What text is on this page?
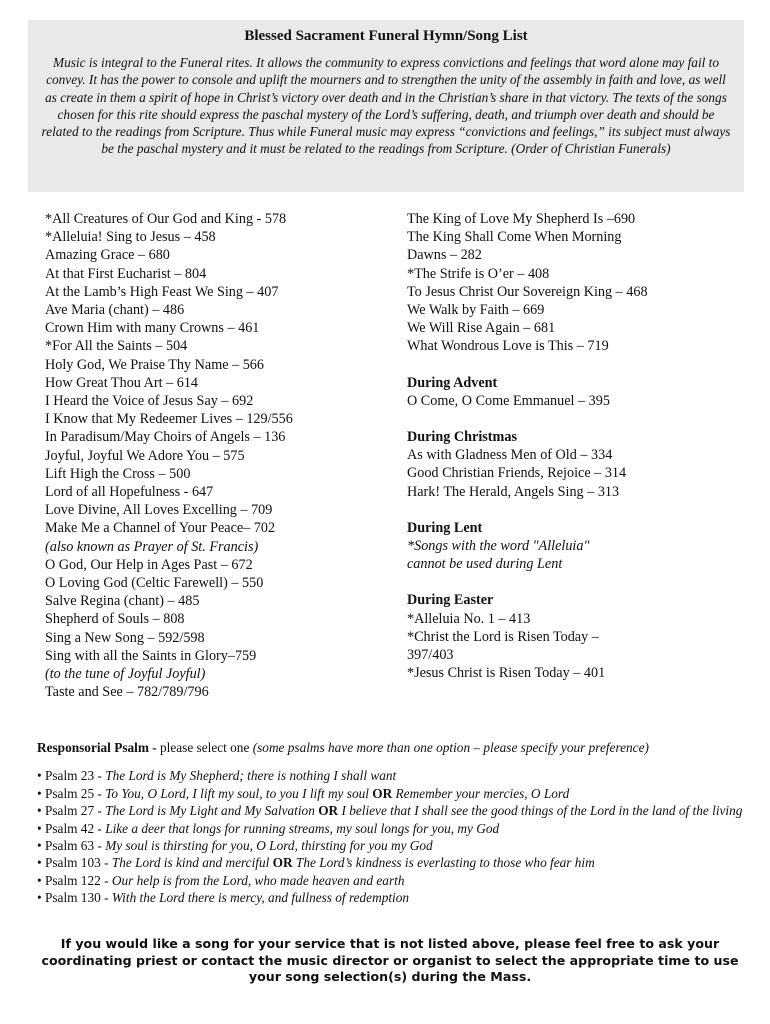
Blessed Sacrament Funeral Hymn/Song List

Music is integral to the Funeral rites. It allows the community to express convictions and feelings that word alone may fail to convey. It has the power to console and uplift the mourners and to strengthen the unity of the assembly in faith and love, as well as create in them a spirit of hope in Christ’s victory over death and in the Christian’s share in that victory. The texts of the songs chosen for this rite should express the paschal mystery of the Lord’s suffering, death, and triumph over death and should be related to the readings from Scripture. Thus while Funeral music may express “convictions and feelings,” its subject must always be the paschal mystery and it must be related to the readings from Scripture. (Order of Christian Funerals)

*All Creatures of Our God and King - 578
*Alleluia! Sing to Jesus – 458
Amazing Grace – 680
At that First Eucharist – 804
At the Lamb’s High Feast We Sing – 407
Ave Maria (chant) – 486
Crown Him with many Crowns – 461
*For All the Saints – 504
Holy God, We Praise Thy Name – 566
How Great Thou Art – 614
I Heard the Voice of Jesus Say – 692
I Know that My Redeemer Lives – 129/556
In Paradisum/May Choirs of Angels – 136
Joyful, Joyful We Adore You – 575
Lift High the Cross – 500
Lord of all Hopefulness - 647
Love Divine, All Loves Excelling – 709
Make Me a Channel of Your Peace– 702
(also known as Prayer of St. Francis)
O God, Our Help in Ages Past – 672
O Loving God (Celtic Farewell) – 550
Salve Regina (chant) – 485
Shepherd of Souls – 808
Sing a New Song – 592/598
Sing with all the Saints in Glory–759
(to the tune of Joyful Joyful)
Taste and See – 782/789/796
The King of Love My Shepherd Is –690
The King Shall Come When Morning
Dawns – 282
*The Strife is O’er – 408
To Jesus Christ Our Sovereign King – 468
We Walk by Faith – 669
We Will Rise Again – 681
What Wondrous Love is This – 719
During Advent
O Come, O Come Emmanuel – 395
During Christmas
As with Gladness Men of Old – 334
Good Christian Friends, Rejoice – 314
Hark! The Herald, Angels Sing – 313
During Lent
*Songs with the word "Alleluia"
cannot be used during Lent
During Easter
*Alleluia No. 1 – 413
*Christ the Lord is Risen Today –
397/403
*Jesus Christ is Risen Today – 401
Responsorial Psalm - please select one (some psalms have more than one option – please specify your preference)
• Psalm 23 - The Lord is My Shepherd; there is nothing I shall want
• Psalm 25 - To You, O Lord, I lift my soul, to you I lift my soul OR Remember your mercies, O Lord
• Psalm 27 - The Lord is My Light and My Salvation OR I believe that I shall see the good things of the Lord in the land of the living
• Psalm 42 - Like a deer that longs for running streams, my soul longs for you, my God
• Psalm 63 - My soul is thirsting for you, O Lord, thirsting for you my God
• Psalm 103 - The Lord is kind and merciful OR The Lord’s kindness is everlasting to those who fear him
• Psalm 122 - Our help is from the Lord, who made heaven and earth
• Psalm 130 - With the Lord there is mercy, and fullness of redemption
If you would like a song for your service that is not listed above, please feel free to ask your coordinating priest or contact the music director or organist to select the appropriate time to use your song selection(s) during the Mass.
